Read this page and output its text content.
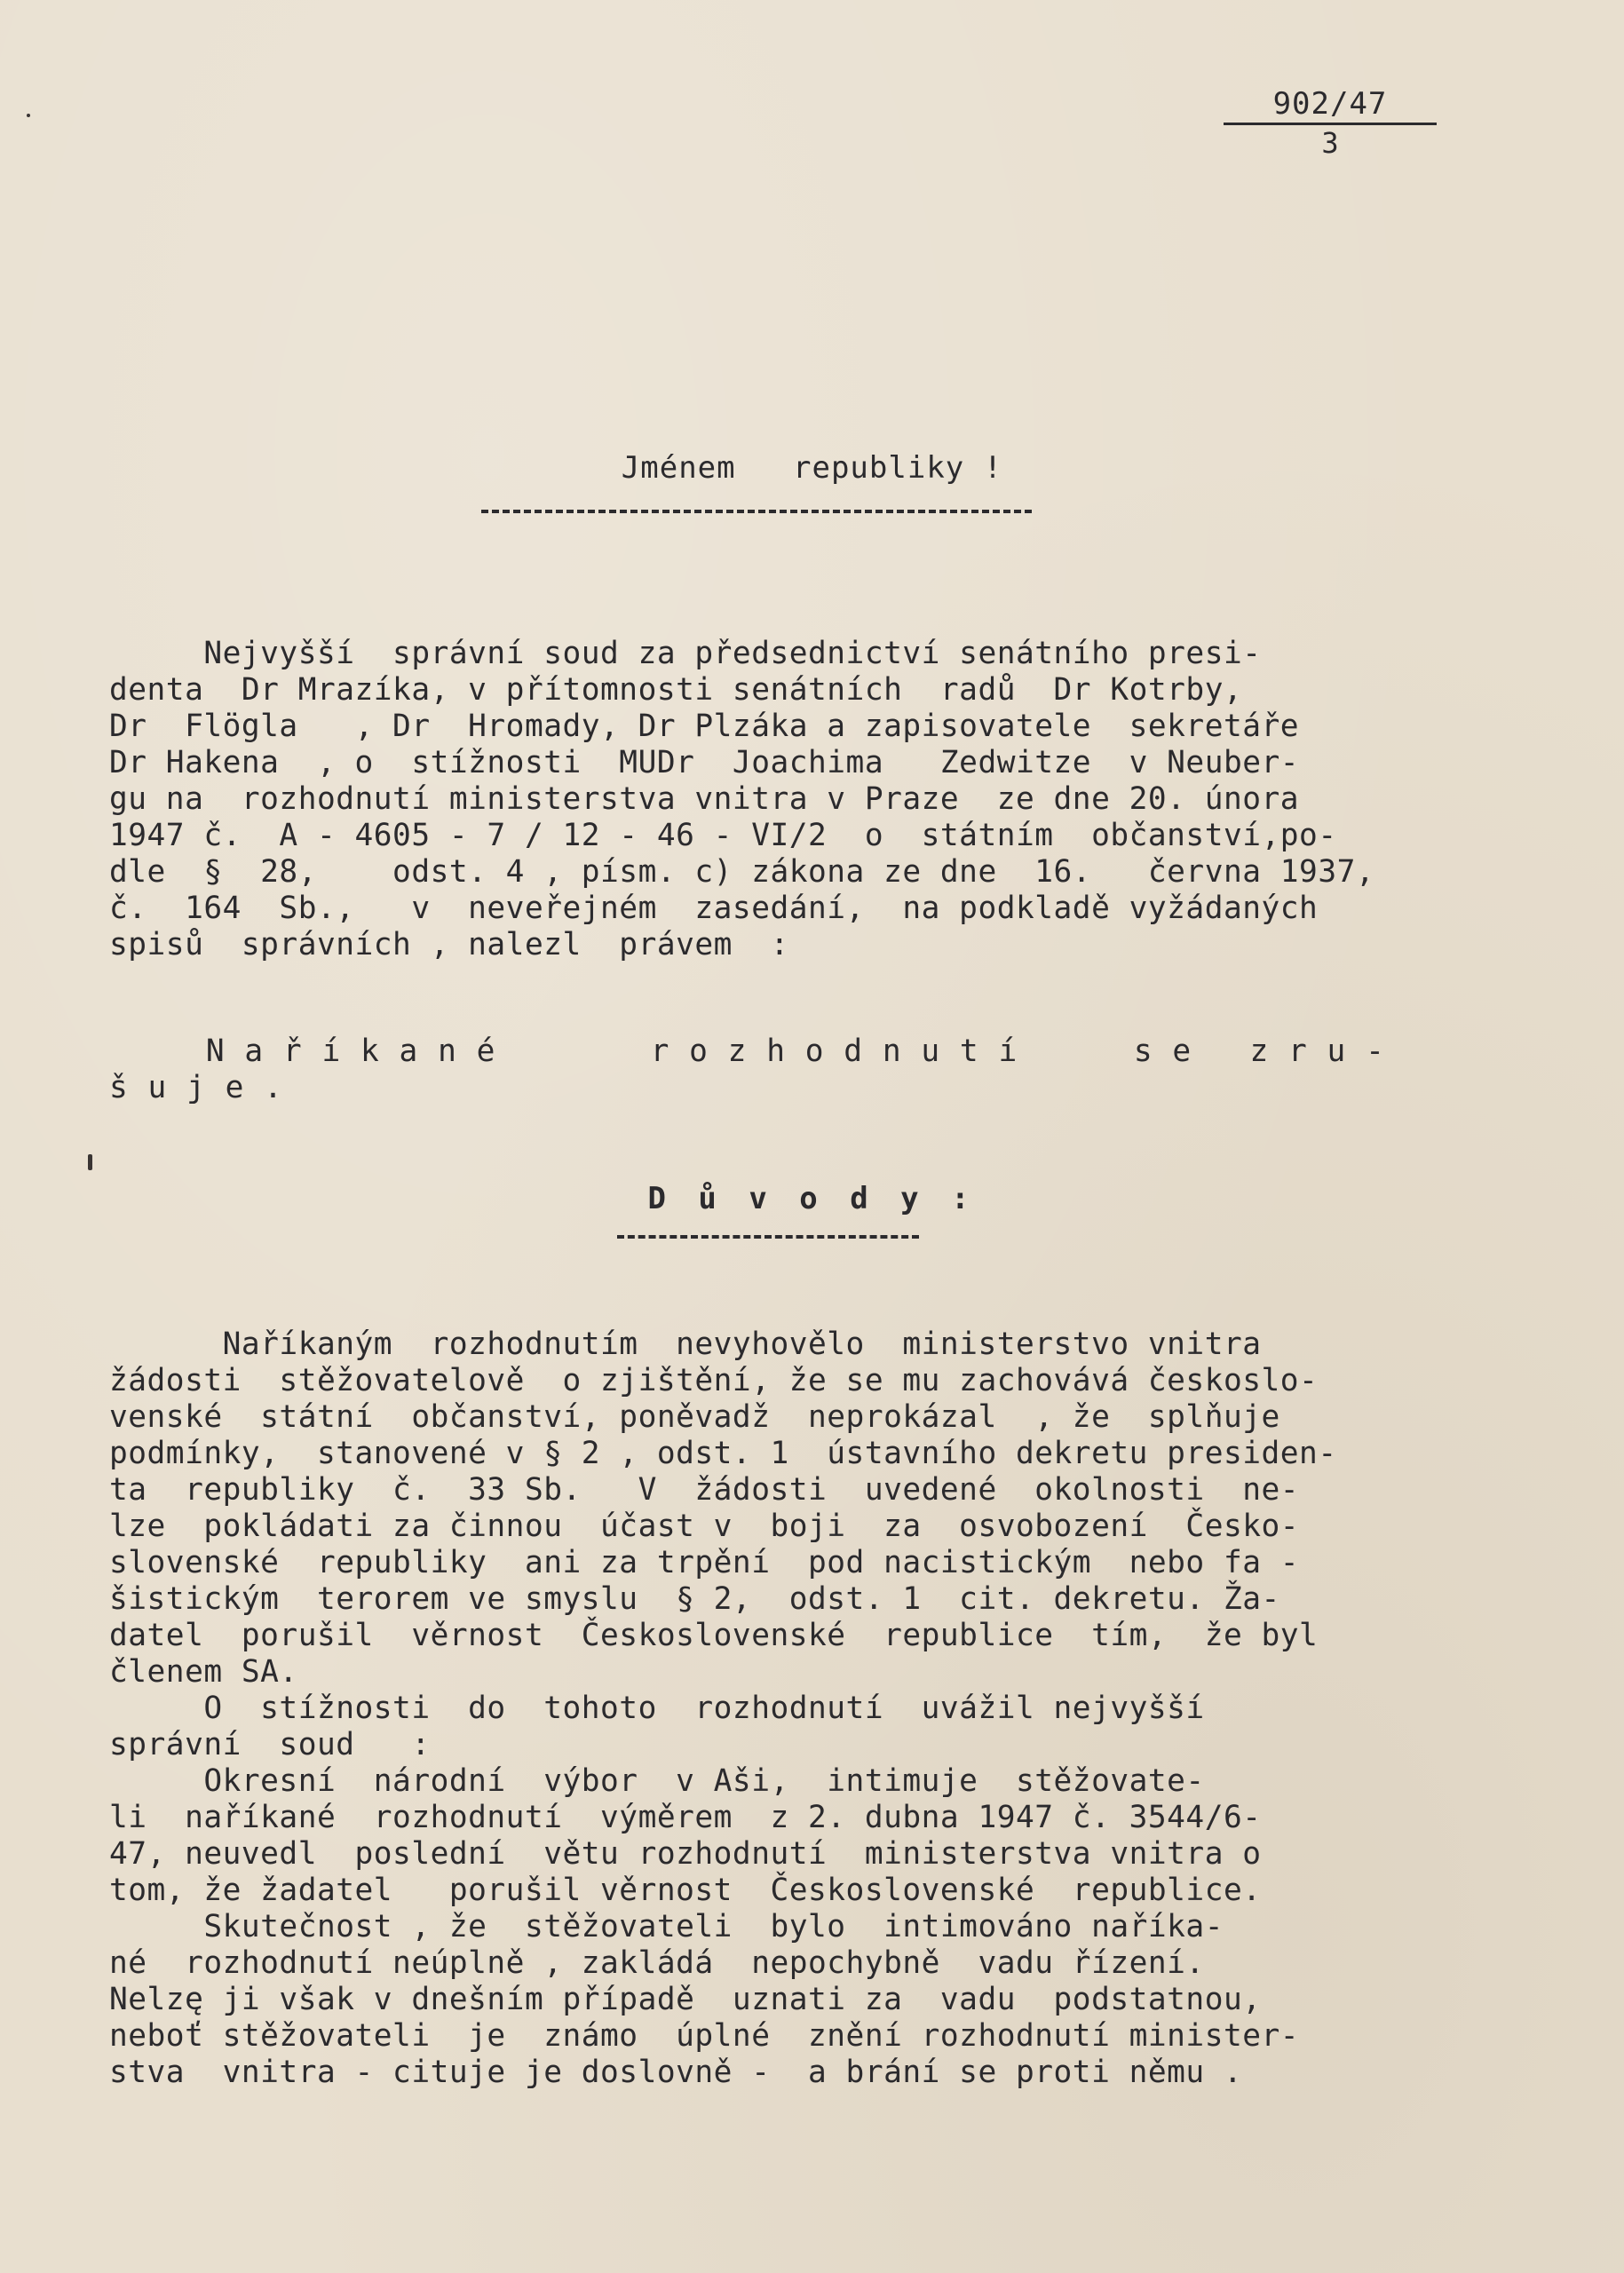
902/47
3
Jménem   republiky !
Nejvyšší  správní soud za předsednictví senátního presi-
denta  Dr Mrazíka, v přítomnosti senátních  radů  Dr Kotrby,
Dr  Flögla   , Dr  Hromady, Dr Plzáka a zapisovatele  sekretáře
Dr Hakena  , o  stížnosti  MUDr  Joachima   Zedwitze  v Neuber-
gu na  rozhodnutí ministerstva vnitra v Praze  ze dne 20. února
1947 č.  A - 4605 - 7 / 12 - 46 - VI/2  o  státním  občanství,po-
dle  §  28,    odst. 4 , písm. c) zákona ze dne  16.   června 1937,
č.  164  Sb.,   v  neveřejném  zasedání,  na podkladě vyžádaných
spisů  správních , nalezl  právem  :
N a ř í k a n é        r o z h o d n u t í      s e   z r u -
š u j e .
D ů v o d y :
Naříkaným  rozhodnutím  nevyhovělo  ministerstvo vnitra
žádosti  stěžovatelově  o zjištění, že se mu zachovává českoslo-
venské  státní  občanství, poněvadž  neprokázal  , že  splňuje
podmínky,  stanovené v § 2 , odst. 1  ústavního dekretu presiden-
ta  republiky  č.  33 Sb.   V  žádosti  uvedené  okolnosti  ne-
lze  pokládati za činnou  účast v  boji  za  osvobození  Česko-
slovenské  republiky  ani za trpění  pod nacistickým  nebo fa -
šistickým  terorem ve smyslu  § 2,  odst. 1  cit. dekretu. Ža-
datel  porušil  věrnost  Československé  republice  tím,  že byl
členem SA.
O  stížnosti  do  tohoto  rozhodnutí  uvážil nejvyšší
správní  soud   :
Okresní  národní  výbor  v Aši,  intimuje  stěžovate-
li  naříkané  rozhodnutí  výměrem  z 2. dubna 1947 č. 3544/6-
47, neuvedl  poslední  větu rozhodnutí  ministerstva vnitra o
tom, že žadatel   porušil věrnost  Československé  republice.
Skutečnost , že  stěžovateli  bylo  intimováno naříka-
né  rozhodnutí neúplně , zakládá  nepochybně  vadu řízení.
Nelzę ji však v dnešním případě  uznati za  vadu  podstatnou,
neboť stěžovateli  je  známo  úplné  znění rozhodnutí minister-
stva  vnitra - cituje je doslovně -  a brání se proti němu .
